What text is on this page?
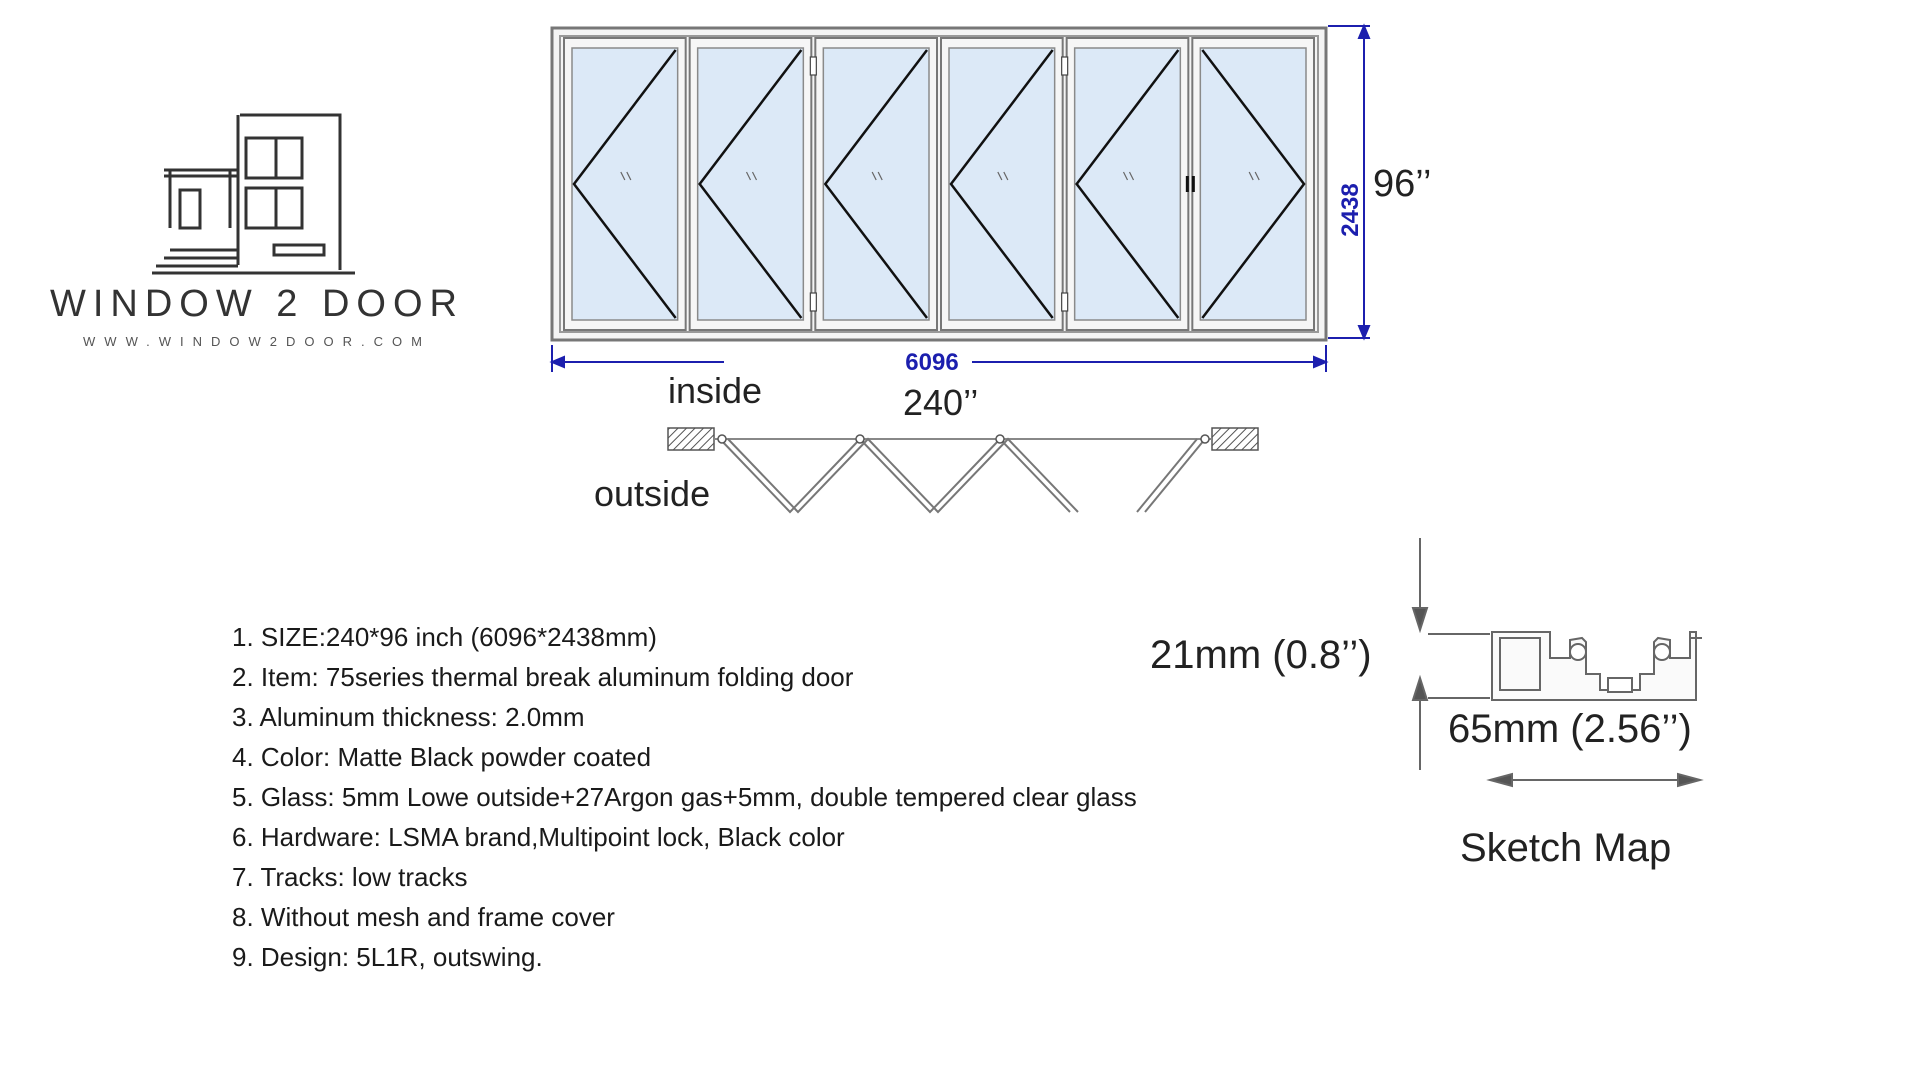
WINDOW 2 DOOR
WWW.WINDOW2DOOR.COM
2438
6096
96’’
inside	240’’
outside
1. SIZE:240*96 inch (6096*2438mm)
2. Item: 75series thermal break aluminum folding door
3. Aluminum thickness: 2.0mm
4. Color: Matte Black powder coated
5. Glass: 5mm Lowe outside+27Argon gas+5mm, double tempered clear glass
6. Hardware: LSMA brand,Multipoint lock, Black color
7. Tracks: low tracks
8. Without mesh and frame cover
9. Design: 5L1R, outswing.
21mm (0.8’’)
65mm (2.56’’)
Sketch Map
